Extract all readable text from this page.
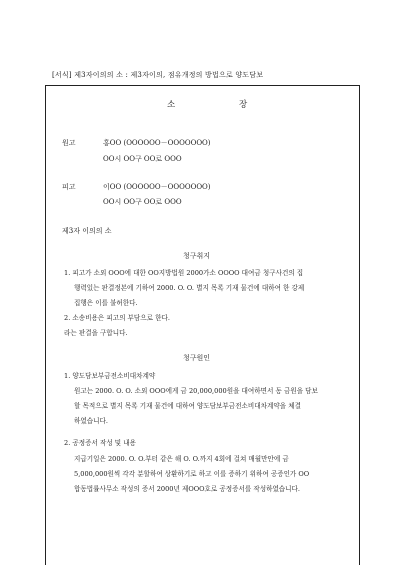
[서식] 제3자이의의 소 : 제3자이의, 점유개정의 방법으로 양도담보
소	장
원고	홍OO (OOOOOO－OOOOOOO)
OO시 OO구 OO로 OOO
피고	이OO (OOOOOO－OOOOOOO)
OO시 OO구 OO로 OOO
제3자 이의의 소
청구취지
1. 피고가 소외 OOO에 대한 OO지방법원 2000가소 OOOO 대여금 청구사건의 집
행력있는 판결정본에 기하여 2000. O. O. 별지 목록 기재 물건에 대하여 한 강제
집행은 이를 불허한다.
2. 소송비용은 피고의 부담으로 한다.
라는 판결을 구합니다.
청구원인
1. 양도담보부금전소비대차계약
원고는 2000. O. O. 소외 OOO에게 금 20,000,000원을 대여하면서 동 금원을 담보
할 목적으로 별지 목록 기재 물건에 대하여 양도담보부금전소비대차계약을 체결
하였습니다.
2. 공정증서 작성 및 내용
지급기일은 2000. O. O.부터 같은 해 O. O.까지 4회에 걸쳐 매월만안에 금
5,000,000원씩 각각 분할하여 상환하기로 하고 이를 증하기 위하여 공증인가 OO
합동법률사무소 작성의 증서 2000년 제OOO호로 공정증서를 작성하였습니다.
